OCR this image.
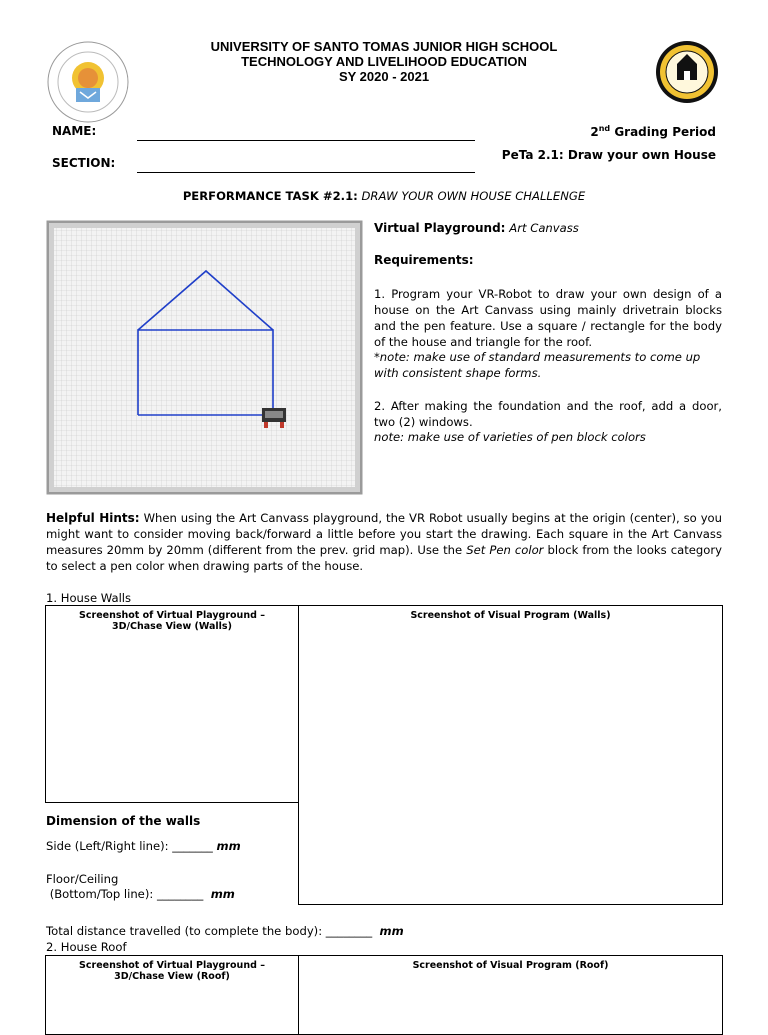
UNIVERSITY OF SANTO TOMAS JUNIOR HIGH SCHOOL
TECHNOLOGY AND LIVELIHOOD EDUCATION
SY 2020 - 2021
NAME:
SECTION:
2nd Grading Period
PeTa 2.1: Draw your own House
PERFORMANCE TASK #2.1: DRAW YOUR OWN HOUSE CHALLENGE
Virtual Playground: Art Canvass
Requirements:
1. Program your VR-Robot to draw your own design of a house on the Art Canvass using mainly drivetrain blocks and the pen feature. Use a square / rectangle for the body of the house and triangle for the roof.
*note: make use of standard measurements to come up with consistent shape forms.
2. After making the foundation and the roof, add a door, two (2) windows.
note: make use of varieties of pen block colors
Helpful Hints: When using the Art Canvass playground, the VR Robot usually begins at the origin (center), so you might want to consider moving back/forward a little before you start the drawing. Each square in the Art Canvass measures 20mm by 20mm (different from the prev. grid map). Use the Set Pen color block from the looks category to select a pen color when drawing parts of the house.
1. House Walls
Screenshot of Virtual Playground – 3D/Chase View (Walls)
Screenshot of Visual Program (Walls)
Dimension of the walls
Side (Left/Right line): _______ mm
Floor/Ceiling
(Bottom/Top line): ________ mm
Total distance travelled (to complete the body): ________ mm
2. House Roof
Screenshot of Virtual Playground – 3D/Chase View (Roof)
Screenshot of Visual Program (Roof)
